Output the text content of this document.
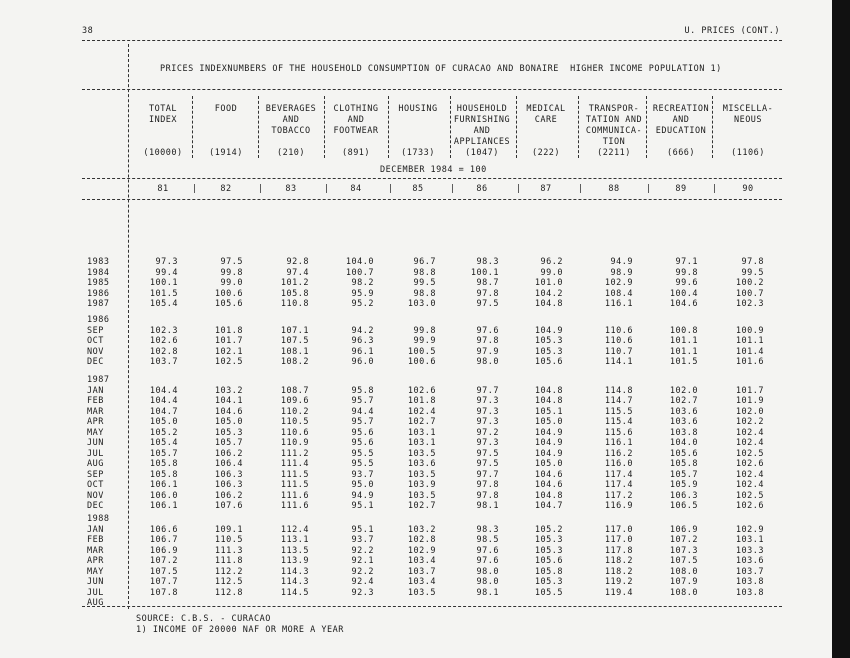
38	U. PRICES (CONT.)
PRICES INDEXNUMBERS OF THE HOUSEHOLD CONSUMPTION OF CURACAO AND BONAIRE  HIGHER INCOME POPULATION 1)
TOTAL
INDEX
(10000)
FOOD
(1914)
BEVERAGES
AND
TOBACCO
(210)
CLOTHING
AND
FOOTWEAR
(891)
HOUSING
(1733)
HOUSEHOLD
FURNISHING
AND
APPLIANCES
(1047)
MEDICAL
CARE
(222)
TRANSPOR-
TATION AND
COMMUNICA-
TION
(2211)
RECREATION
AND
EDUCATION
(666)
MISCELLA-
NEOUS
(1106)
DECEMBER 1984 = 100
81	|	82	|	83	|	84	|	85	|	86	|	87	|	88	|	89	|	90
1983	97.3	97.5	92.8	104.0	96.7	98.3	96.2	94.9	97.1	97.8
1984	99.4	99.8	97.4	100.7	98.8	100.1	99.0	98.9	99.8	99.5
1985	100.1	99.0	101.2	98.2	99.5	98.7	101.0	102.9	99.6	100.2
1986	101.5	100.6	105.8	95.9	98.8	97.8	104.2	108.4	100.4	100.7
1987	105.4	105.6	110.8	95.2	103.0	97.5	104.8	116.1	104.6	102.3
1986
SEP	102.3	101.8	107.1	94.2	99.8	97.6	104.9	110.6	100.8	100.9
OCT	102.6	101.7	107.5	96.3	99.9	97.8	105.3	110.6	101.1	101.1
NOV	102.8	102.1	108.1	96.1	100.5	97.9	105.3	110.7	101.1	101.4
DEC	103.7	102.5	108.2	96.0	100.6	98.0	105.6	114.1	101.5	101.6
1987
JAN	104.4	103.2	108.7	95.8	102.6	97.7	104.8	114.8	102.0	101.7
FEB	104.4	104.1	109.6	95.7	101.8	97.3	104.8	114.7	102.7	101.9
MAR	104.7	104.6	110.2	94.4	102.4	97.3	105.1	115.5	103.6	102.0
APR	105.0	105.0	110.5	95.7	102.7	97.3	105.0	115.4	103.6	102.2
MAY	105.2	105.3	110.6	95.6	103.1	97.2	104.9	115.6	103.8	102.4
JUN	105.4	105.7	110.9	95.6	103.1	97.3	104.9	116.1	104.0	102.4
JUL	105.7	106.2	111.2	95.5	103.5	97.5	104.9	116.2	105.6	102.5
AUG	105.8	106.4	111.4	95.5	103.6	97.5	105.0	116.0	105.8	102.6
SEP	105.8	106.3	111.5	93.7	103.5	97.7	104.6	117.4	105.7	102.4
OCT	106.1	106.3	111.5	95.0	103.9	97.8	104.6	117.4	105.9	102.4
NOV	106.0	106.2	111.6	94.9	103.5	97.8	104.8	117.2	106.3	102.5
DEC	106.1	107.6	111.6	95.1	102.7	98.1	104.7	116.9	106.5	102.6
1988
JAN	106.6	109.1	112.4	95.1	103.2	98.3	105.2	117.0	106.9	102.9
FEB	106.7	110.5	113.1	93.7	102.8	98.5	105.3	117.0	107.2	103.1
MAR	106.9	111.3	113.5	92.2	102.9	97.6	105.3	117.8	107.3	103.3
APR	107.2	111.8	113.9	92.1	103.4	97.6	105.6	118.2	107.5	103.6
MAY	107.5	112.2	114.3	92.2	103.7	98.0	105.8	118.2	108.0	103.7
JUN	107.7	112.5	114.3	92.4	103.4	98.0	105.3	119.2	107.9	103.8
JUL	107.8	112.8	114.5	92.3	103.5	98.1	105.5	119.4	108.0	103.8
AUG
SOURCE: C.B.S. - CURACAO
1) INCOME OF 20000 NAF OR MORE A YEAR
